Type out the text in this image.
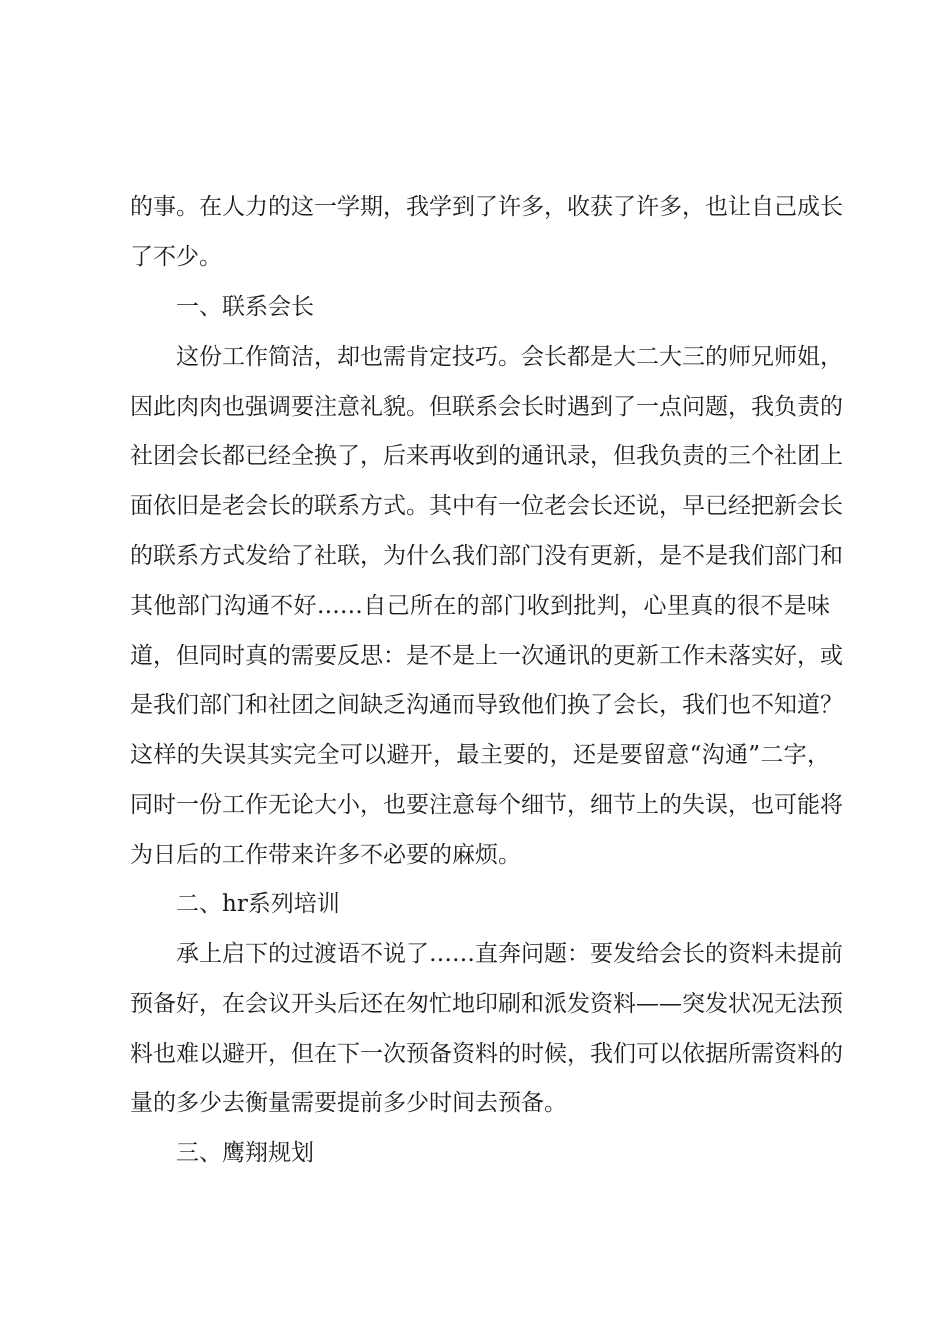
的事。在人力的这一学期，我学到了许多，收获了许多，也让自己成长
了不少。
一、联系会长
这份工作简洁，却也需肯定技巧。会长都是大二大三的师兄师姐，
因此肉肉也强调要注意礼貌。但联系会长时遇到了一点问题，我负责的
社团会长都已经全换了，后来再收到的通讯录，但我负责的三个社团上
面依旧是老会长的联系方式。其中有一位老会长还说，早已经把新会长
的联系方式发给了社联，为什么我们部门没有更新，是不是我们部门和
其他部门沟通不好……自己所在的部门收到批判，心里真的很不是味
道，但同时真的需要反思：是不是上一次通讯的更新工作未落实好，或
是我们部门和社团之间缺乏沟通而导致他们换了会长，我们也不知道？
这样的失误其实完全可以避开，最主要的，还是要留意“沟通”二字，
同时一份工作无论大小，也要注意每个细节，细节上的失误，也可能将
为日后的工作带来许多不必要的麻烦。
二、hr系列培训
承上启下的过渡语不说了……直奔问题：要发给会长的资料未提前
预备好，在会议开头后还在匆忙地印刷和派发资料——突发状况无法预
料也难以避开，但在下一次预备资料的时候，我们可以依据所需资料的
量的多少去衡量需要提前多少时间去预备。
三、鹰翔规划
